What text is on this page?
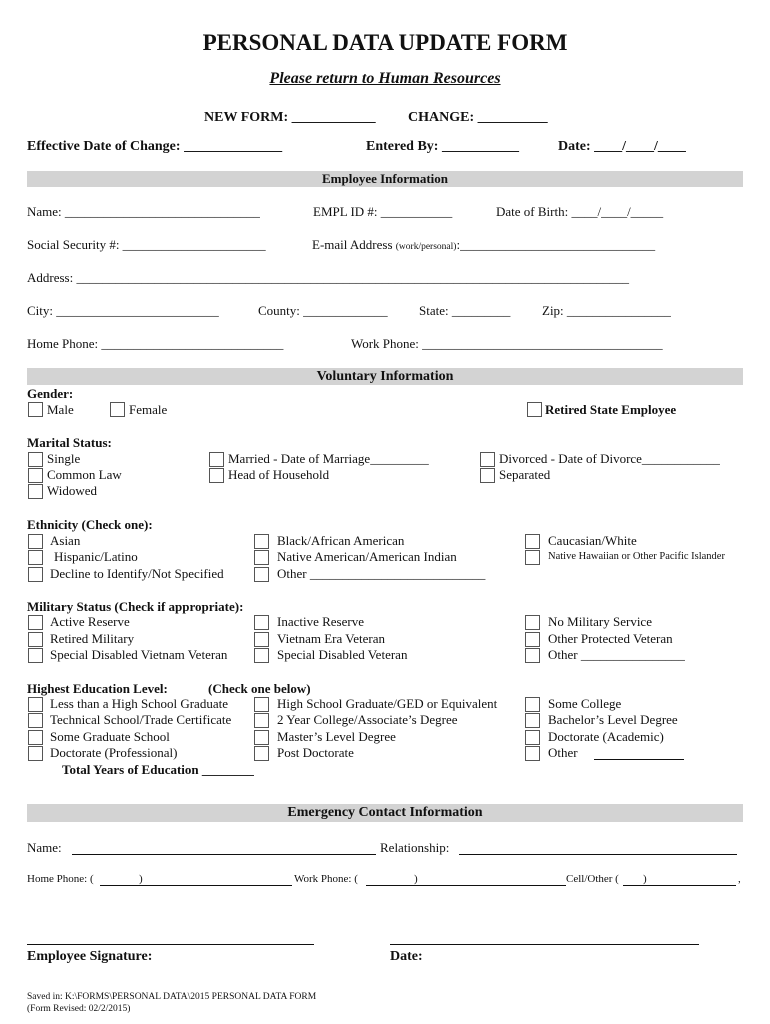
PERSONAL DATA UPDATE FORM
Please return to Human Resources
NEW FORM: ____________ CHANGE: __________
Effective Date of Change: ______________	Entered By: ___________	Date: ____/____/____
Employee Information
Name: ______________________________	EMPL ID #: ___________	Date of Birth: ____/____/_____
Social Security #: ______________________	E-mail Address (work/personal):______________________________
Address: _____________________________________________________________________________________
City: _________________________	County: _____________ State: _________ Zip: ________________
Home Phone: ____________________________	Work Phone: _____________________________________
Voluntary Information
Gender:
Male	Female	Retired State Employee
Marital Status:
Single
Common Law
Widowed
Married - Date of Marriage_________
Head of Household
Divorced - Date of Divorce____________
Separated
Ethnicity (Check one):
Asian
Hispanic/Latino
Decline to Identify/Not Specified
Black/African American
Native American/American Indian
Other ___________________________
Caucasian/White
Native Hawaiian or Other Pacific Islander
Military Status (Check if appropriate):
Active Reserve
Retired Military
Special Disabled Vietnam Veteran
Inactive Reserve
Vietnam Era Veteran
Special Disabled Veteran
No Military Service
Other Protected Veteran
Other ________________
Highest Education Level:	(Check one below)
Less than a High School Graduate
Technical School/Trade Certificate
Some Graduate School
Doctorate (Professional)
High School Graduate/GED or Equivalent
2 Year College/Associate’s Degree
Master’s Level Degree
Post Doctorate
Some College
Bachelor’s Level Degree
Doctorate (Academic)
Other
Total Years of Education ________
Emergency Contact Information
Name:	Relationship:
Home Phone: (	)	Work Phone: (	)	Cell/Other ( )	,
Employee Signature:	Date:
Saved in: K:\FORMS\PERSONAL DATA\2015 PERSONAL DATA FORM
(Form Revised: 02/2/2015)
